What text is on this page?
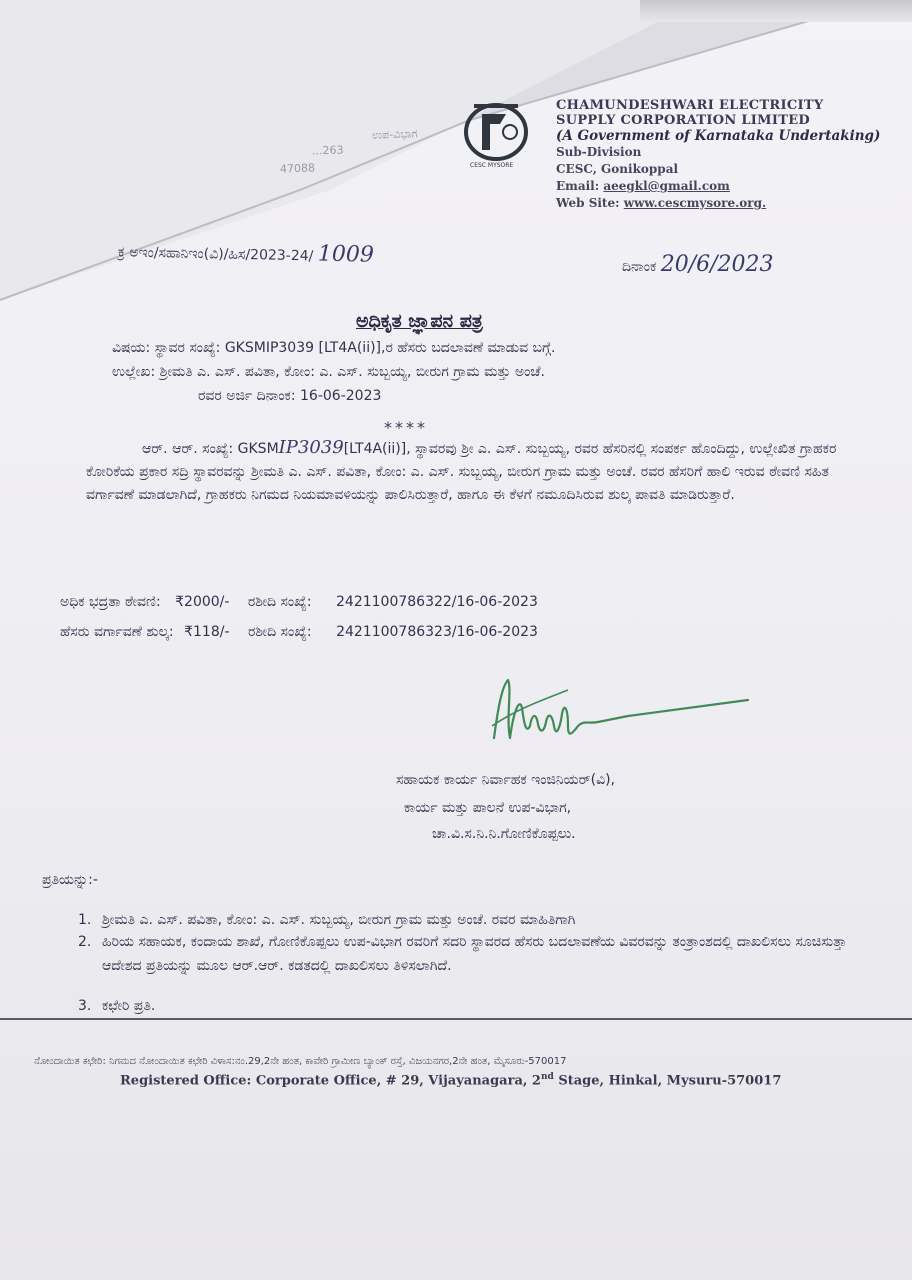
ಉಪ-ವಿಭಾಗ
...263
47088	CESC MYSORE
CHAMUNDESHWARI ELECTRICITY
SUPPLY CORPORATION LIMITED
(A Government of Karnataka Undertaking)
Sub-Division
CESC, Gonikoppal
Email: aeegkl@gmail.com
Web Site: www.cescmysore.org.
ಕ್ರ ಅಇಂ/ಸಹಾನಿಇಂ(ವಿ)/ಹಿಸ/2023-24/ 1009	ದಿನಾಂಕ 20/6/2023
ಅಧಿಕೃತ ಜ್ಞಾಪನ ಪತ್ರ
ವಿಷಯ: ಸ್ಥಾವರ ಸಂಖ್ಯೆ: GKSMIP3039 [LT4A(ii)],ರ ಹೆಸರು ಬದಲಾವಣೆ ಮಾಡುವ ಬಗ್ಗೆ.
ಉಲ್ಲೇಖ: ಶ್ರೀಮತಿ ಎ. ಎಸ್. ಪವಿತಾ, ಕೋಂ: ಎ. ಎಸ್. ಸುಬ್ಬಯ್ಯ, ಬೀರುಗ ಗ್ರಾಮ ಮತ್ತು ಅಂಚೆ.
ರವರ ಅರ್ಜಿ ದಿನಾಂಕ: 16-06-2023
****
ಆರ್. ಆರ್. ಸಂಖ್ಯೆ: GKSMIP3039[LT4A(ii)], ಸ್ಥಾವರವು ಶ್ರೀ ಎ. ಎಸ್. ಸುಬ್ಬಯ್ಯ, ರವರ ಹೆಸರಿನಲ್ಲಿ ಸಂಪರ್ಕ ಹೊಂದಿದ್ದು, ಉಲ್ಲೇಖಿತ ಗ್ರಾಹಕರ ಕೋರಿಕೆಯ ಪ್ರಕಾರ ಸದ್ರಿ ಸ್ಥಾವರವನ್ನು ಶ್ರೀಮತಿ ಎ. ಎಸ್. ಪವಿತಾ, ಕೋಂ: ಎ. ಎಸ್. ಸುಬ್ಬಯ್ಯ, ಬೀರುಗ ಗ್ರಾಮ ಮತ್ತು ಅಂಚೆ. ರವರ ಹೆಸರಿಗೆ ಹಾಲಿ ಇರುವ ಠೇವಣಿ ಸಹಿತ ವರ್ಗಾವಣೆ ಮಾಡಲಾಗಿದೆ, ಗ್ರಾಹಕರು ನಿಗಮದ ನಿಯಮಾವಳಿಯನ್ನು ಪಾಲಿಸಿರುತ್ತಾರೆ, ಹಾಗೂ ಈ ಕೆಳಗೆ ನಮೂದಿಸಿರುವ ಶುಲ್ಕ ಪಾವತಿ ಮಾಡಿರುತ್ತಾರೆ.
ಅಧಿಕ ಭದ್ರತಾ ಠೇವಣಿ: ₹2000/- ರಶೀದಿ ಸಂಖ್ಯೆ: 2421100786322/16-06-2023
ಹೆಸರು ವರ್ಗಾವಣೆ ಶುಲ್ಕ: ₹118/- ರಶೀದಿ ಸಂಖ್ಯೆ: 2421100786323/16-06-2023
ಸಹಾಯಕ ಕಾರ್ಯ ನಿರ್ವಾಹಕ ಇಂಜಿನಿಯರ್(ವಿ),
ಕಾರ್ಯ ಮತ್ತು ಪಾಲನೆ ಉಪ-ವಿಭಾಗ,
ಚಾ.ವಿ.ಸ.ನಿ.ನಿ.ಗೋಣಿಕೊಪ್ಪಲು.
ಪ್ರತಿಯನ್ನು:-
1. ಶ್ರೀಮತಿ ಎ. ಎಸ್. ಪವಿತಾ, ಕೋಂ: ಎ. ಎಸ್. ಸುಬ್ಬಯ್ಯ, ಬೀರುಗ ಗ್ರಾಮ ಮತ್ತು ಅಂಚೆ. ರವರ ಮಾಹಿತಿಗಾಗಿ
2. ಹಿರಿಯ ಸಹಾಯಕ, ಕಂದಾಯ ಶಾಖೆ, ಗೋಣಿಕೊಪ್ಪಲು ಉಪ-ವಿಭಾಗ ರವರಿಗೆ ಸದರಿ ಸ್ಥಾವರದ ಹೆಸರು ಬದಲಾವಣೆಯ ವಿವರವನ್ನು ತಂತ್ರಾಂಶದಲ್ಲಿ ದಾಖಲಿಸಲು ಸೂಚಿಸುತ್ತಾ ಆದೇಶದ ಪ್ರತಿಯನ್ನು ಮೂಲ ಆರ್.ಆರ್. ಕಡತದಲ್ಲಿ ದಾಖಲಿಸಲು ತಿಳಿಸಲಾಗಿದೆ.
3. ಕಛೇರಿ ಪ್ರತಿ.
ನೋಂದಾಯಿತ ಕಛೇರಿ: ನಿಗಮದ ನೋಂದಾಯಿತ ಕಛೇರಿ ವಿಳಾಸ:ನಂ.29,2ನೇ ಹಂತ, ಕಾವೇರಿ ಗ್ರಾಮೀಣ ಬ್ಯಾಂಕ್ ರಸ್ತೆ, ವಿಜಯನಗರ,2ನೇ ಹಂತ, ಮೈಸೂರು-570017
Registered Office: Corporate Office, # 29, Vijayanagara, 2nd Stage, Hinkal, Mysuru-570017
